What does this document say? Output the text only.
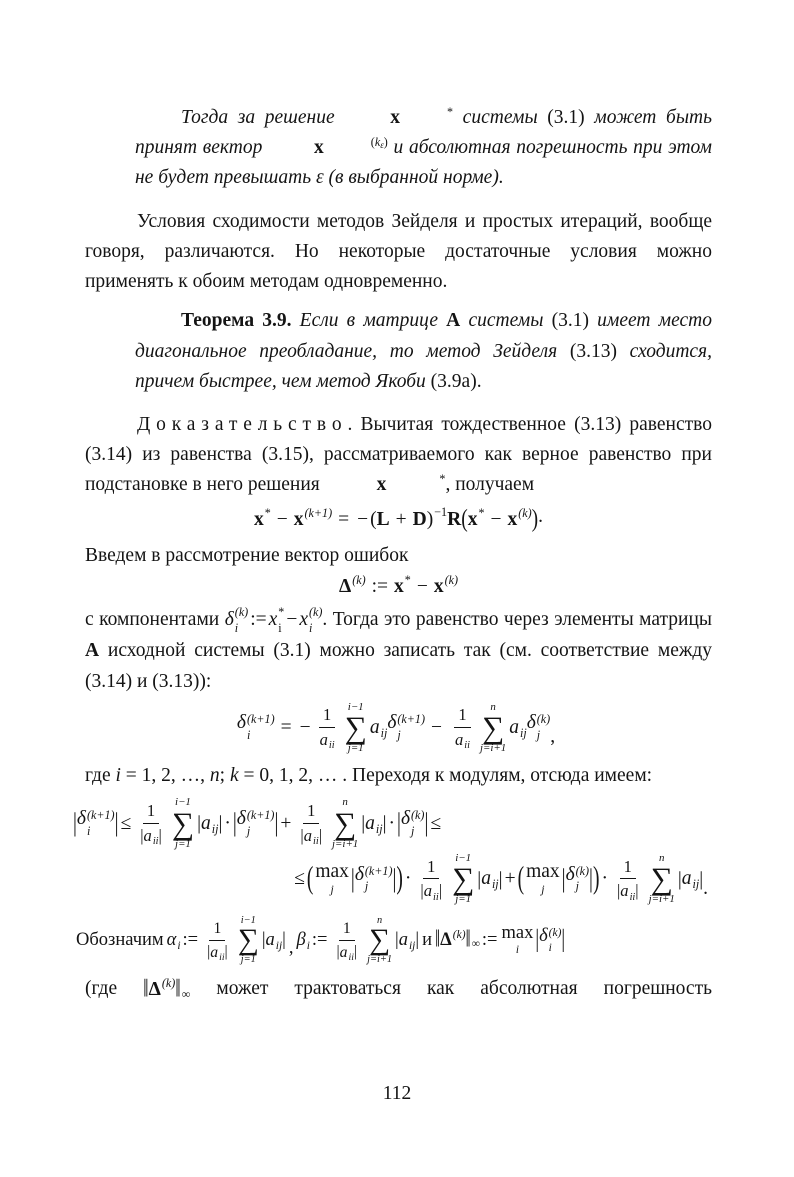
Тогда за решение	x	* системы (3.1) может быть принят вектор	x	$(k_\varepsilon)$ и абсолютная погрешность при этом не будет превышать ε (в выбранной норме).
Условия сходимости методов Зейделя и простых итераций, вообще говоря, различаются. Но некоторые достаточные условия можно применять к обоим методам одновременно.
Теорема 3.9. Если в матрице А системы (3.1) имеет место диагональное преобладание, то метод Зейделя (3.13) сходится, причем быстрее, чем метод Якоби (3.9а).
Доказательство. Вычитая тождественное (3.13) равенство (3.14) из равенства (3.15), рассматриваемого как верное равенство при подстановке в него решения	x	* , получаем
x * − x (k+1) = − ( L + D ) −1 R ( x * − x (k) ) .
Введем в рассмотрение вектор ошибок
Δ (k) := x * − x (k)
с компонентами δ (k)
i := x *
i − x (k)
i . Тогда это равенство через элементы матрицы А исходной системы (3.1) можно записать так (см. соответствие между (3.14) и (3.13)):
δ (k+1)
i = − $\frac{1}{\text{a ii}} i-1$
∑
j=1
a ij δ (k+1)
$j - \frac{1}{\text{a ii}}$ n
∑
j=i+1
a ij δ (k)
j ,
где i = 1, 2, …, n; k = 0, 1, 2, … . Переходя к модулям, отсюда имеем:
| δ (k+1)
i | ≤ $\frac{1}{\text{| a ii |}} i-1$
∑
j=1
| a ij | · | δ (k+1)
j | + $\frac{1}{\text{| a ii |}}$ n
∑
j=i+1
| a ij | · | δ (k)
j | ≤
≤ ( max
j | δ (k+1)
j | ) · $\frac{1}{\text{| a ii |}} i-1$
∑
j=1
| a ij | + ( max
j | δ (k)
j | ) · $\frac{1}{\text{| a ii |}}$ n
∑
j=i+1
| a ij | .
Обозначим α i := $\frac{1}{\text{| a ii |}} i-1$
∑
j=1
| a ij | , β i := $\frac{1}{\text{| a ii |}}$ n
∑
j=i+1
| a ij | и ‖ Δ (k) ‖ ∞ := max
i | δ (k)
i |
(где ‖ Δ (k) ‖ ∞ может трактоваться как абсолютная погрешность
112
